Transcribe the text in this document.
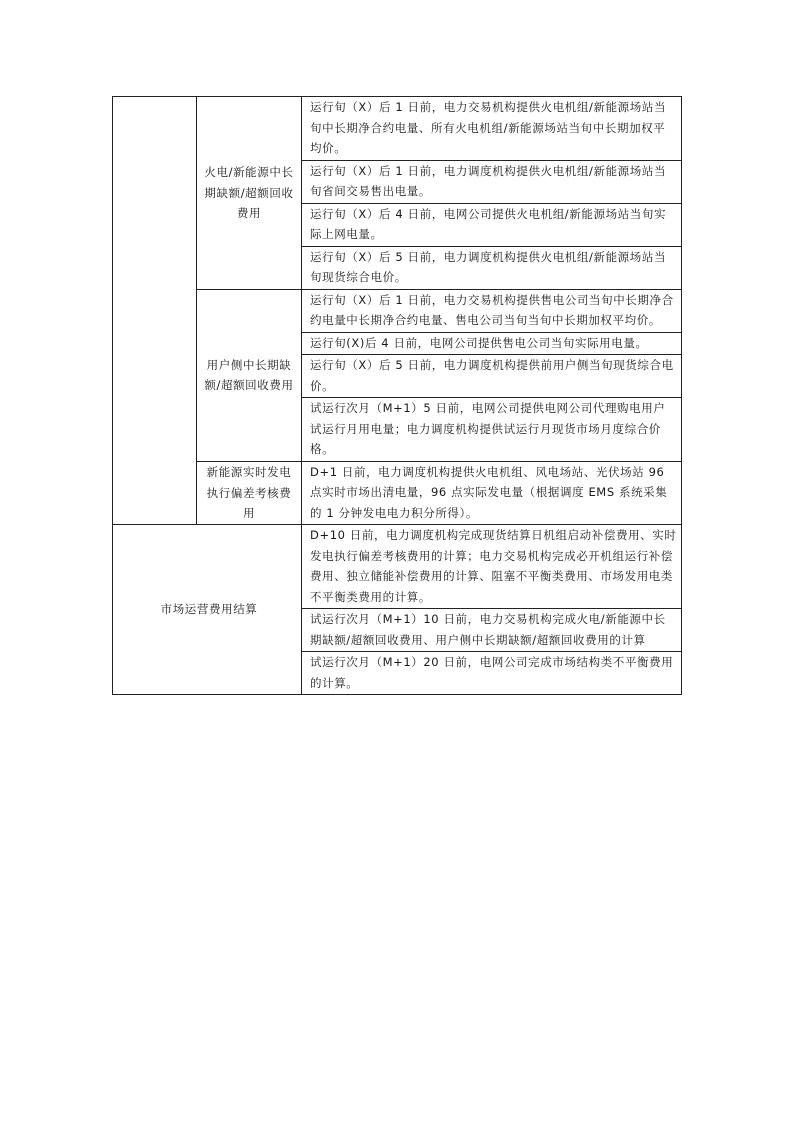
	火电/新能源中长期缺额/超额回收费用	运行旬（X）后 1 日前，电力交易机构提供火电机组/新能源场站当旬中长期净合约电量、所有火电机组/新能源场站当旬中长期加权平均价。
		运行旬（X）后 1 日前，电力调度机构提供火电机组/新能源场站当旬省间交易售出电量。
		运行旬（X）后 4 日前，电网公司提供火电机组/新能源场站当旬实际上网电量。
		运行旬（X）后 5 日前，电力调度机构提供火电机组/新能源场站当旬现货综合电价。
	用户侧中长期缺额/超额回收费用	运行旬（X）后 1 日前，电力交易机构提供售电公司当旬中长期净合约电量中长期净合约电量、售电公司当旬当旬中长期加权平均价。
		运行旬(X)后 4 日前，电网公司提供售电公司当旬实际用电量。
		运行旬（X）后 5 日前，电力调度机构提供前用户侧当旬现货综合电价。
		试运行次月（M+1）5 日前，电网公司提供电网公司代理购电用户试运行月用电量；电力调度机构提供试运行月现货市场月度综合价格。
	新能源实时发电执行偏差考核费用	D+1 日前，电力调度机构提供火电机组、风电场站、光伏场站 96 点实时市场出清电量，96 点实际发电量（根据调度 EMS 系统采集的 1 分钟发电电力积分所得）。
市场运营费用结算		D+10 日前，电力调度机构完成现货结算日机组启动补偿费用、实时发电执行偏差考核费用的计算；电力交易机构完成必开机组运行补偿费用、独立储能补偿费用的计算、阻塞不平衡类费用、市场发用电类不平衡类费用的计算。
		试运行次月（M+1）10 日前，电力交易机构完成火电/新能源中长期缺额/超额回收费用、用户侧中长期缺额/超额回收费用的计算
		试运行次月（M+1）20 日前，电网公司完成市场结构类不平衡费用的计算。
